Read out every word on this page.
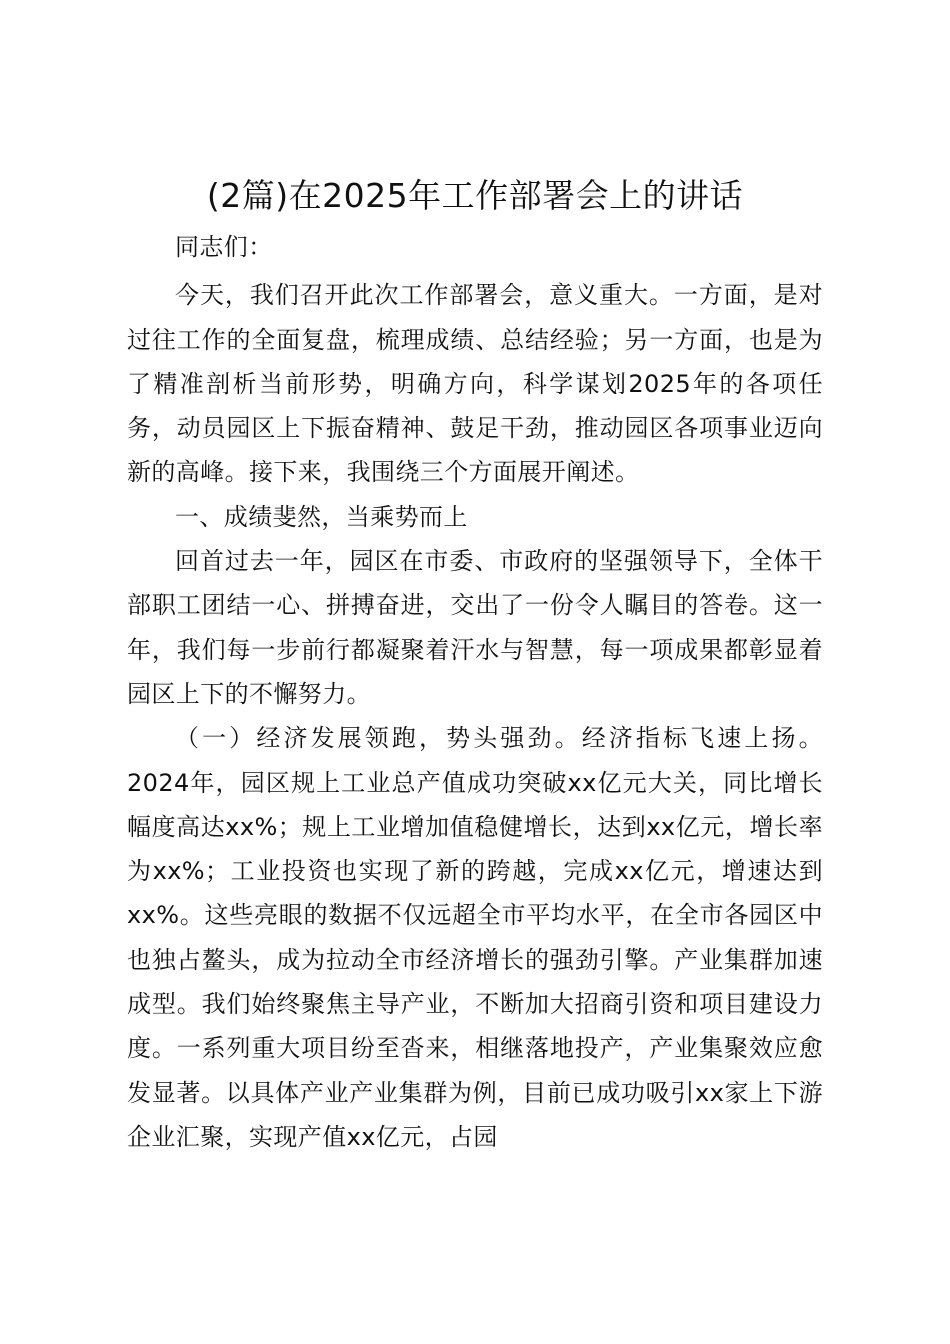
(2篇)在2025年工作部署会上的讲话

同志们：

今天，我们召开此次工作部署会，意义重大。一方面，是对过往工作的全面复盘，梳理成绩、总结经验；另一方面，也是为了精准剖析当前形势，明确方向，科学谋划2025年的各项任务，动员园区上下振奋精神、鼓足干劲，推动园区各项事业迈向新的高峰。接下来，我围绕三个方面展开阐述。

一、成绩斐然，当乘势而上

回首过去一年，园区在市委、市政府的坚强领导下，全体干部职工团结一心、拼搏奋进，交出了一份令人瞩目的答卷。这一年，我们每一步前行都凝聚着汗水与智慧，每一项成果都彰显着园区上下的不懈努力。

（一）经济发展领跑，势头强劲。经济指标飞速上扬。2024年，园区规上工业总产值成功突破xx亿元大关，同比增长幅度高达xx%；规上工业增加值稳健增长，达到xx亿元，增长率为xx%；工业投资也实现了新的跨越，完成xx亿元，增速达到xx%。这些亮眼的数据不仅远超全市平均水平，在全市各园区中也独占鳌头，成为拉动全市经济增长的强劲引擎。产业集群加速成型。我们始终聚焦主导产业，不断加大招商引资和项目建设力度。一系列重大项目纷至沓来，相继落地投产，产业集聚效应愈发显著。以具体产业产业集群为例，目前已成功吸引xx家上下游企业汇聚，实现产值xx亿元，占园
